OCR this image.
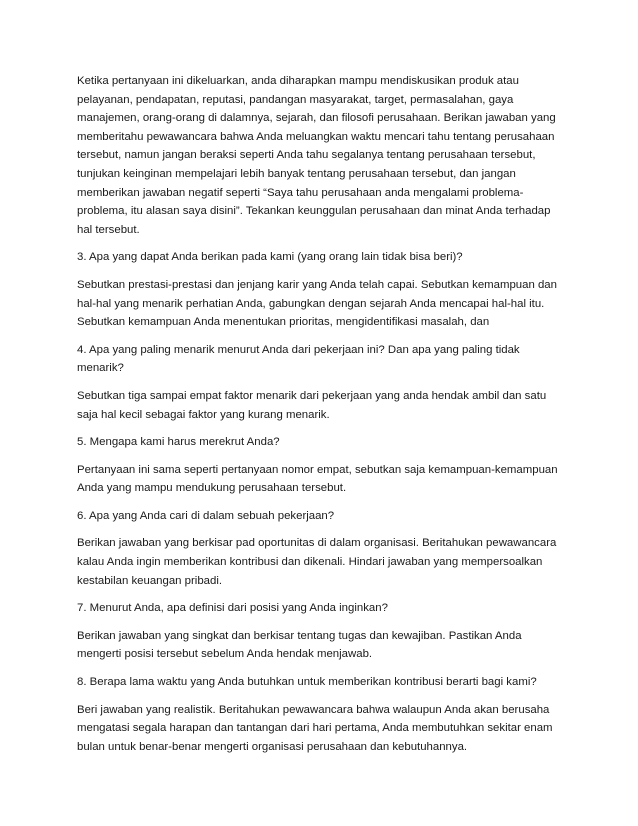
Ketika pertanyaan ini dikeluarkan, anda diharapkan mampu mendiskusikan produk atau
pelayanan, pendapatan, reputasi, pandangan masyarakat, target, permasalahan, gaya
manajemen, orang-orang di dalamnya, sejarah, dan filosofi perusahaan. Berikan jawaban yang
memberitahu pewawancara bahwa Anda meluangkan waktu mencari tahu tentang perusahaan
tersebut, namun jangan beraksi seperti Anda tahu segalanya tentang perusahaan tersebut,
tunjukan keinginan mempelajari lebih banyak tentang perusahaan tersebut, dan jangan
memberikan jawaban negatif seperti “Saya tahu perusahaan anda mengalami problema-
problema, itu alasan saya disini”. Tekankan keunggulan perusahaan dan minat Anda terhadap
hal tersebut.

3. Apa yang dapat Anda berikan pada kami (yang orang lain tidak bisa beri)?

Sebutkan prestasi-prestasi dan jenjang karir yang Anda telah capai. Sebutkan kemampuan dan
hal-hal yang menarik perhatian Anda, gabungkan dengan sejarah Anda mencapai hal-hal itu.
Sebutkan kemampuan Anda menentukan prioritas, mengidentifikasi masalah, dan

4. Apa yang paling menarik menurut Anda dari pekerjaan ini? Dan apa yang paling tidak
menarik?

Sebutkan tiga sampai empat faktor menarik dari pekerjaan yang anda hendak ambil dan satu
saja hal kecil sebagai faktor yang kurang menarik.

5. Mengapa kami harus merekrut Anda?

Pertanyaan ini sama seperti pertanyaan nomor empat, sebutkan saja kemampuan-kemampuan
Anda yang mampu mendukung perusahaan tersebut.

6. Apa yang Anda cari di dalam sebuah pekerjaan?

Berikan jawaban yang berkisar pad oportunitas di dalam organisasi. Beritahukan pewawancara
kalau Anda ingin memberikan kontribusi dan dikenali. Hindari jawaban yang mempersoalkan
kestabilan keuangan pribadi.

7. Menurut Anda, apa definisi dari posisi yang Anda inginkan?

Berikan jawaban yang singkat dan berkisar tentang tugas dan kewajiban. Pastikan Anda
mengerti posisi tersebut sebelum Anda hendak menjawab.

8. Berapa lama waktu yang Anda butuhkan untuk memberikan kontribusi berarti bagi kami?

Beri jawaban yang realistik. Beritahukan pewawancara bahwa walaupun Anda akan berusaha
mengatasi segala harapan dan tantangan dari hari pertama, Anda membutuhkan sekitar enam
bulan untuk benar-benar mengerti organisasi perusahaan dan kebutuhannya.
